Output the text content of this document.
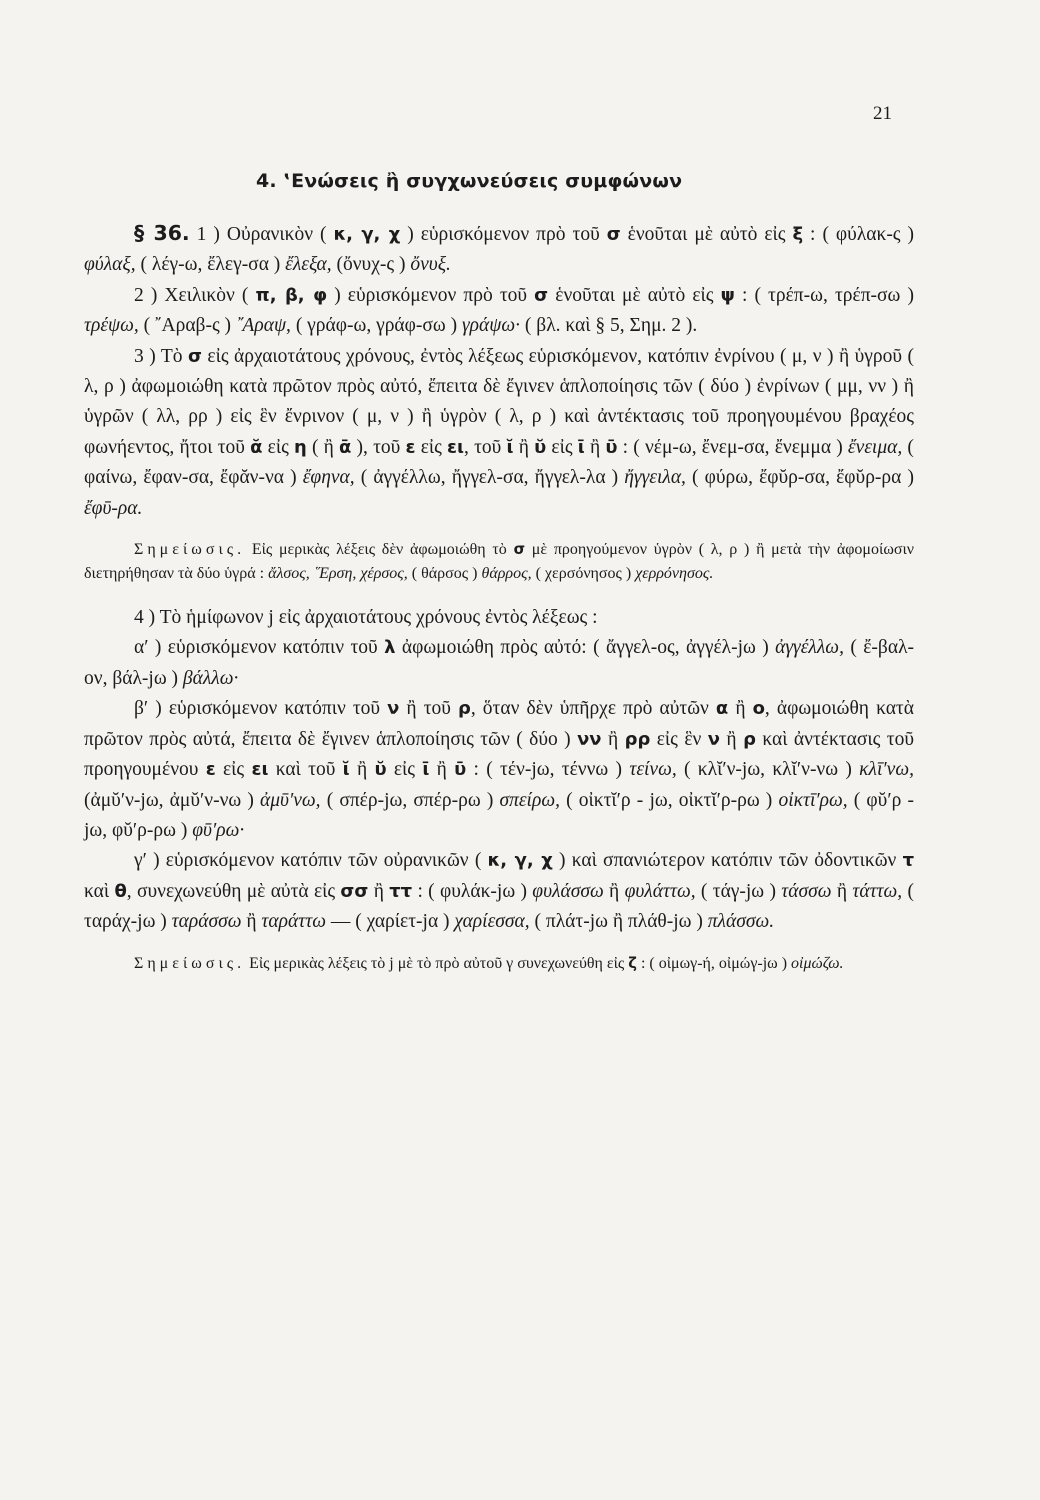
21
4. ‛Ενώσεις ἢ συγχωνεύσεις συμφώνων

§ 36. 1 ) Οὐρανικὸν ( κ, γ, χ ) εὑρισκόμενον πρὸ τοῦ σ ἑνοῦται μὲ αὐτὸ εἰς ξ : ( φύλακ-ς ) φύλαξ, ( λέγ-ω, ἔλεγ-σα ) ἔλεξα, (ὄνυχ-ς ) ὄνυξ.

2 ) Χειλικὸν ( π, β, φ ) εὑρισκόμενον πρὸ τοῦ σ ἑνοῦται μὲ αὐτὸ εἰς ψ : ( τρέπ-ω, τρέπ-σω ) τρέψω, ( ῎Αραβ-ς ) ῎Αραψ, ( γράφ-ω, γράφ-σω ) γράψω· ( βλ. καὶ § 5, Σημ. 2 ).

3 ) Τὸ σ εἰς ἀρχαιοτάτους χρόνους, ἐντὸς λέξεως εὑρισκόμενον, κατόπιν ἐνρίνου ( μ, ν ) ἢ ὑγροῦ ( λ, ρ ) ἀφωμοιώθη κατὰ πρῶτον πρὸς αὐτό, ἔπειτα δὲ ἔγινεν ἁπλοποίησις τῶν ( δύο ) ἐνρίνων ( μμ, νν ) ἢ ὑγρῶν ( λλ, ρρ ) εἰς ἓν ἔνρινον ( μ, ν ) ἢ ὑγρὸν ( λ, ρ ) καὶ ἀντέκτασις τοῦ προηγουμένου βραχέος φωνήεντος, ἤτοι τοῦ ᾰ εἰς η ( ἢ ᾱ ), τοῦ ε εἰς ει, τοῦ ῐ ἢ ῠ εἰς ῑ ἢ ῡ : ( νέμ-ω, ἔνεμ-σα, ἔνεμμα ) ἔνειμα, ( φαίνω, ἔφαν-σα, ἔφᾰν-να ) ἔφηνα, ( ἀγγέλλω, ἤγγελ-σα, ἤγγελ-λα ) ἤγγειλα, ( φύρω, ἔφῠρ-σα, ἔφῠρ-ρα ) ἔφῡ-ρα.

Σημείωσις. Εἰς μερικὰς λέξεις δὲν ἀφωμοιώθη τὸ σ μὲ προηγούμενον ὑγρὸν ( λ, ρ ) ἢ μετὰ τὴν ἀφομοίωσιν διετηρήθησαν τὰ δύο ὑγρά : ἄλσος, ῞Ερση, χέρσος, ( θάρσος ) θάρρος, ( χερσόνησος ) χερρόνησος.

4 ) Τὸ ἡμίφωνον j εἰς ἀρχαιοτάτους χρόνους ἐντὸς λέξεως :

α′ ) εὑρισκόμενον κατόπιν τοῦ λ ἀφωμοιώθη πρὸς αὐτό: ( ἄγγελ-ος, ἀγγέλ-jω ) ἀγγέλλω, ( ἔ-βαλ-ον, βάλ-jω ) βάλλω·

β′ ) εὑρισκόμενον κατόπιν τοῦ ν ἢ τοῦ ρ, ὅταν δὲν ὑπῆρχε πρὸ αὐτῶν α ἢ ο, ἀφωμοιώθη κατὰ πρῶτον πρὸς αὐτά, ἔπειτα δὲ ἔγινεν ἁπλοποίησις τῶν ( δύο ) νν ἢ ρρ εἰς ἓν ν ἢ ρ καὶ ἀντέκτασις τοῦ προηγουμένου ε εἰς ει καὶ τοῦ ῐ ἢ ῠ εἰς ῑ ἢ ῡ : ( τέν-jω, τέννω ) τείνω, ( κλῐ′ν-jω, κλῐ′ν-νω ) κλῑ′νω, (ἀμῠ′ν-jω, ἀμῠ′ν-νω ) ἀμῡ′νω, ( σπέρ-jω, σπέρ-ρω ) σπείρω, ( οἰκτῐ′ρ - jω, οἰκτῐ′ρ-ρω ) οἰκτῑ′ρω, ( φῠ′ρ - jω, φῠ′ρ-ρω ) φῡ′ρω·

γ′ ) εὑρισκόμενον κατόπιν τῶν οὐρανικῶν ( κ, γ, χ ) καὶ σπανιώτερον κατόπιν τῶν ὀδοντικῶν τ καὶ θ, συνεχωνεύθη μὲ αὐτὰ εἰς σσ ἢ ττ : ( φυλάκ-jω ) φυλάσσω ἢ φυλάττω, ( τάγ-jω ) τάσσω ἢ τάττω, ( ταράχ-jω ) ταράσσω ἢ ταράττω — ( χαρίετ-jα ) χαρίεσσα, ( πλάτ-jω ἢ πλάθ-jω ) πλάσσω.

Σημείωσις. Εἰς μερικὰς λέξεις τὸ j μὲ τὸ πρὸ αὐτοῦ γ συνεχωνεύθη εἰς ζ : ( οἰμωγ-ή, οἰμώγ-jω ) οἰμώζω.
